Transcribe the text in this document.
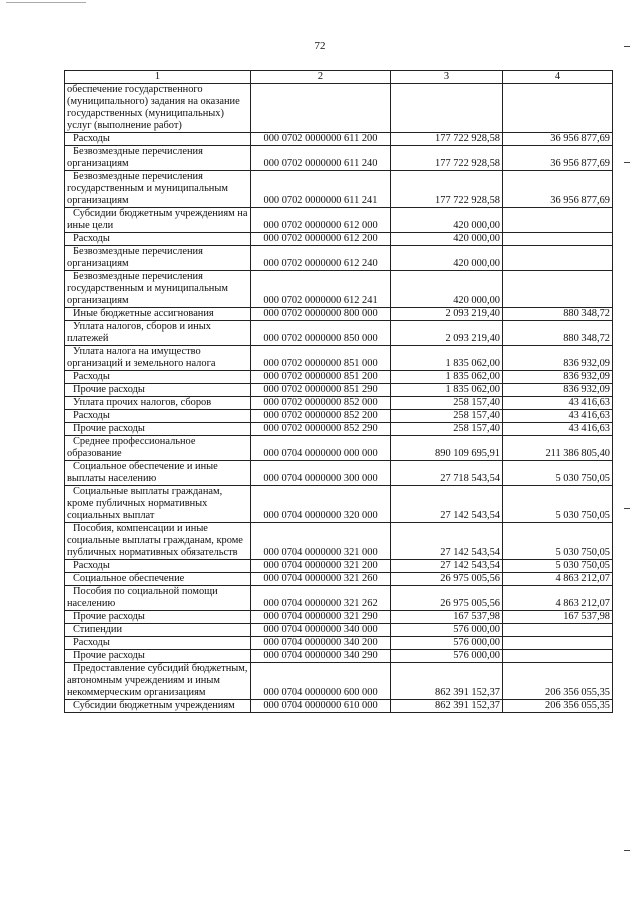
72
1	2	3	4
обеспечение государственного (муниципального) задания на оказание государственных (муниципальных) услуг (выполнение работ)			
Расходы	000 0702 0000000 611 200	177 722 928,58	36 956 877,69
Безвозмездные перечисления организациям	000 0702 0000000 611 240	177 722 928,58	36 956 877,69
Безвозмездные перечисления государственным и муниципальным организациям	000 0702 0000000 611 241	177 722 928,58	36 956 877,69
Субсидии бюджетным учреждениям на иные цели	000 0702 0000000 612 000	420 000,00	
Расходы	000 0702 0000000 612 200	420 000,00	
Безвозмездные перечисления организациям	000 0702 0000000 612 240	420 000,00	
Безвозмездные перечисления государственным и муниципальным организациям	000 0702 0000000 612 241	420 000,00	
Иные бюджетные ассигнования	000 0702 0000000 800 000	2 093 219,40	880 348,72
Уплата налогов, сборов и иных платежей	000 0702 0000000 850 000	2 093 219,40	880 348,72
Уплата налога на имущество организаций и земельного налога	000 0702 0000000 851 000	1 835 062,00	836 932,09
Расходы	000 0702 0000000 851 200	1 835 062,00	836 932,09
Прочие расходы	000 0702 0000000 851 290	1 835 062,00	836 932,09
Уплата прочих налогов, сборов	000 0702 0000000 852 000	258 157,40	43 416,63
Расходы	000 0702 0000000 852 200	258 157,40	43 416,63
Прочие расходы	000 0702 0000000 852 290	258 157,40	43 416,63
Среднее профессиональное образование	000 0704 0000000 000 000	890 109 695,91	211 386 805,40
Социальное обеспечение и иные выплаты населению	000 0704 0000000 300 000	27 718 543,54	5 030 750,05
Социальные выплаты гражданам, кроме публичных нормативных социальных выплат	000 0704 0000000 320 000	27 142 543,54	5 030 750,05
Пособия, компенсации и иные социальные выплаты гражданам, кроме публичных нормативных обязательств	000 0704 0000000 321 000	27 142 543,54	5 030 750,05
Расходы	000 0704 0000000 321 200	27 142 543,54	5 030 750,05
Социальное обеспечение	000 0704 0000000 321 260	26 975 005,56	4 863 212,07
Пособия по социальной помощи населению	000 0704 0000000 321 262	26 975 005,56	4 863 212,07
Прочие расходы	000 0704 0000000 321 290	167 537,98	167 537,98
Стипендии	000 0704 0000000 340 000	576 000,00	
Расходы	000 0704 0000000 340 200	576 000,00	
Прочие расходы	000 0704 0000000 340 290	576 000,00	
Предоставление субсидий бюджетным, автономным учреждениям и иным некоммерческим организациям	000 0704 0000000 600 000	862 391 152,37	206 356 055,35
Субсидии бюджетным учреждениям	000 0704 0000000 610 000	862 391 152,37	206 356 055,35
